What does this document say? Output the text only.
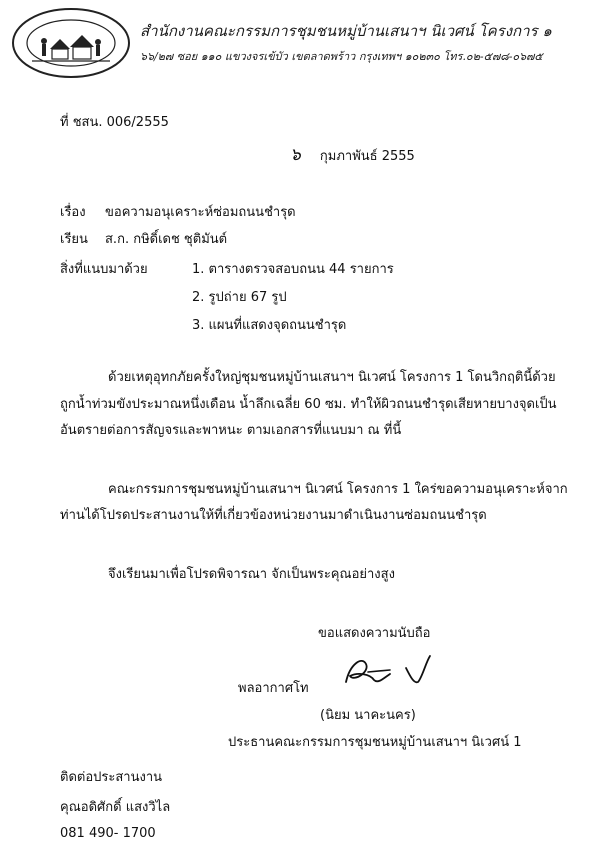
สำนักงานคณะกรรมการชุมชนหมู่บ้านเสนาฯ นิเวศน์ โครงการ ๑
๖๖/๒๗ ซอย ๑๑๐ แขวงจรเข้บัว เขตลาดพร้าว กรุงเทพฯ ๑๐๒๓๐ โทร.๐๒-๕๗๘-๐๖๗๕
ที่ ชสน. 006/2555
๖ กุมภาพันธ์ 2555
เรื่อง ขอความอนุเคราะห์ซ่อมถนนชำรุด
เรียน ส.ก. กษิดิ์เดช ชุติมันต์
สิ่งที่แนบมาด้วย	1. ตารางตรวจสอบถนน 44 รายการ
2. รูปถ่าย 67 รูป
3. แผนที่แสดงจุดถนนชำรุด
ด้วยเหตุอุทกภัยครั้งใหญ่ชุมชนหมู่บ้านเสนาฯ นิเวศน์ โครงการ 1 โดนวิกฤตินี้ด้วย
ถูกน้ำท่วมขังประมาณหนึ่งเดือน น้ำลึกเฉลี่ย 60 ซม. ทำให้ผิวถนนชำรุดเสียหายบางจุดเป็น
อันตรายต่อการสัญจรและพาหนะ ตามเอกสารที่แนบมา ณ ที่นี้
คณะกรรมการชุมชนหมู่บ้านเสนาฯ นิเวศน์ โครงการ 1 ใคร่ขอความอนุเคราะห์จาก
ท่านได้โปรดประสานงานให้ที่เกี่ยวข้องหน่วยงานมาดำเนินงานซ่อมถนนชำรุด
จึงเรียนมาเพื่อโปรดพิจารณา จักเป็นพระคุณอย่างสูง
ขอแสดงความนับถือ
พลอากาศโท
(นิยม นาคะนคร)
ประธานคณะกรรมการชุมชนหมู่บ้านเสนาฯ นิเวศน์ 1
ติดต่อประสานงาน
คุณอดิศักดิ์ แสงวิไล
081 490- 1700
